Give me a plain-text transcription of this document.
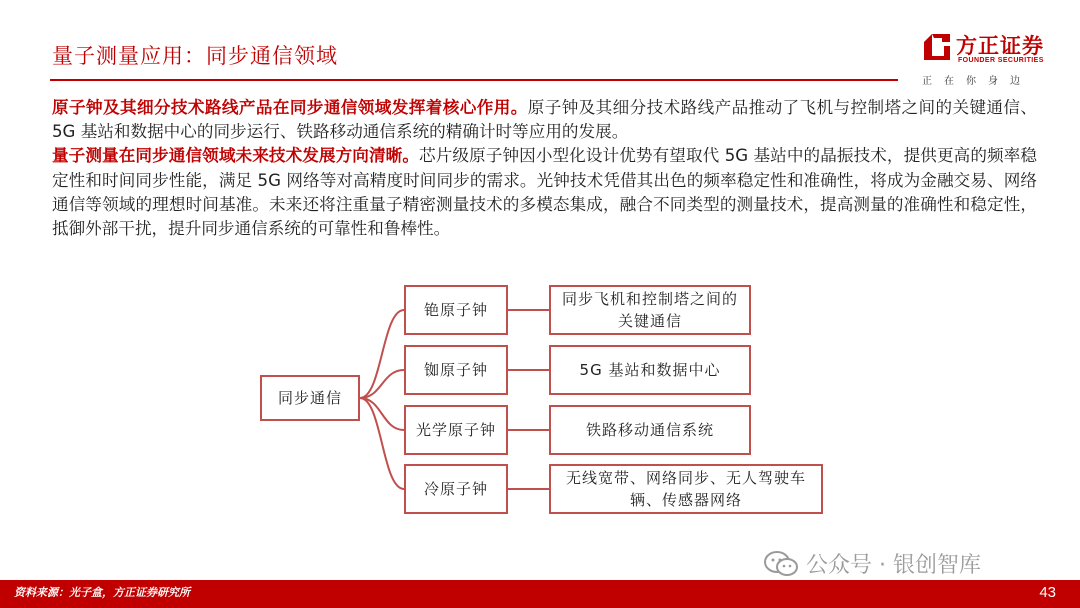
量子测量应用：同步通信领域	方正证券
FOUNDER SECURITIES
正在你身边

原子钟及其细分技术路线产品在同步通信领域发挥着核心作用。原子钟及其细分技术路线产品推动了飞机与控制塔之间的关键通信、5G 基站和数据中心的同步运行、铁路移动通信系统的精确计时等应用的发展。

量子测量在同步通信领域未来技术发展方向清晰。芯片级原子钟因小型化设计优势有望取代 5G 基站中的晶振技术，提供更高的频率稳定性和时间同步性能，满足 5G 网络等对高精度时间同步的需求。光钟技术凭借其出色的频率稳定性和准确性，将成为金融交易、网络通信等领域的理想时间基准。未来还将注重量子精密测量技术的多模态集成，融合不同类型的测量技术，提高测量的准确性和稳定性，抵御外部干扰，提升同步通信系统的可靠性和鲁棒性。

同步通信
铯原子钟
铷原子钟
光学原子钟
冷原子钟
同步飞机和控制塔之间的关键通信
5G 基站和数据中心
铁路移动通信系统
无线宽带、网络同步、无人驾驶车辆、传感器网络
公众号 · 银创智库
资料来源：光子盒，方正证券研究所	43
